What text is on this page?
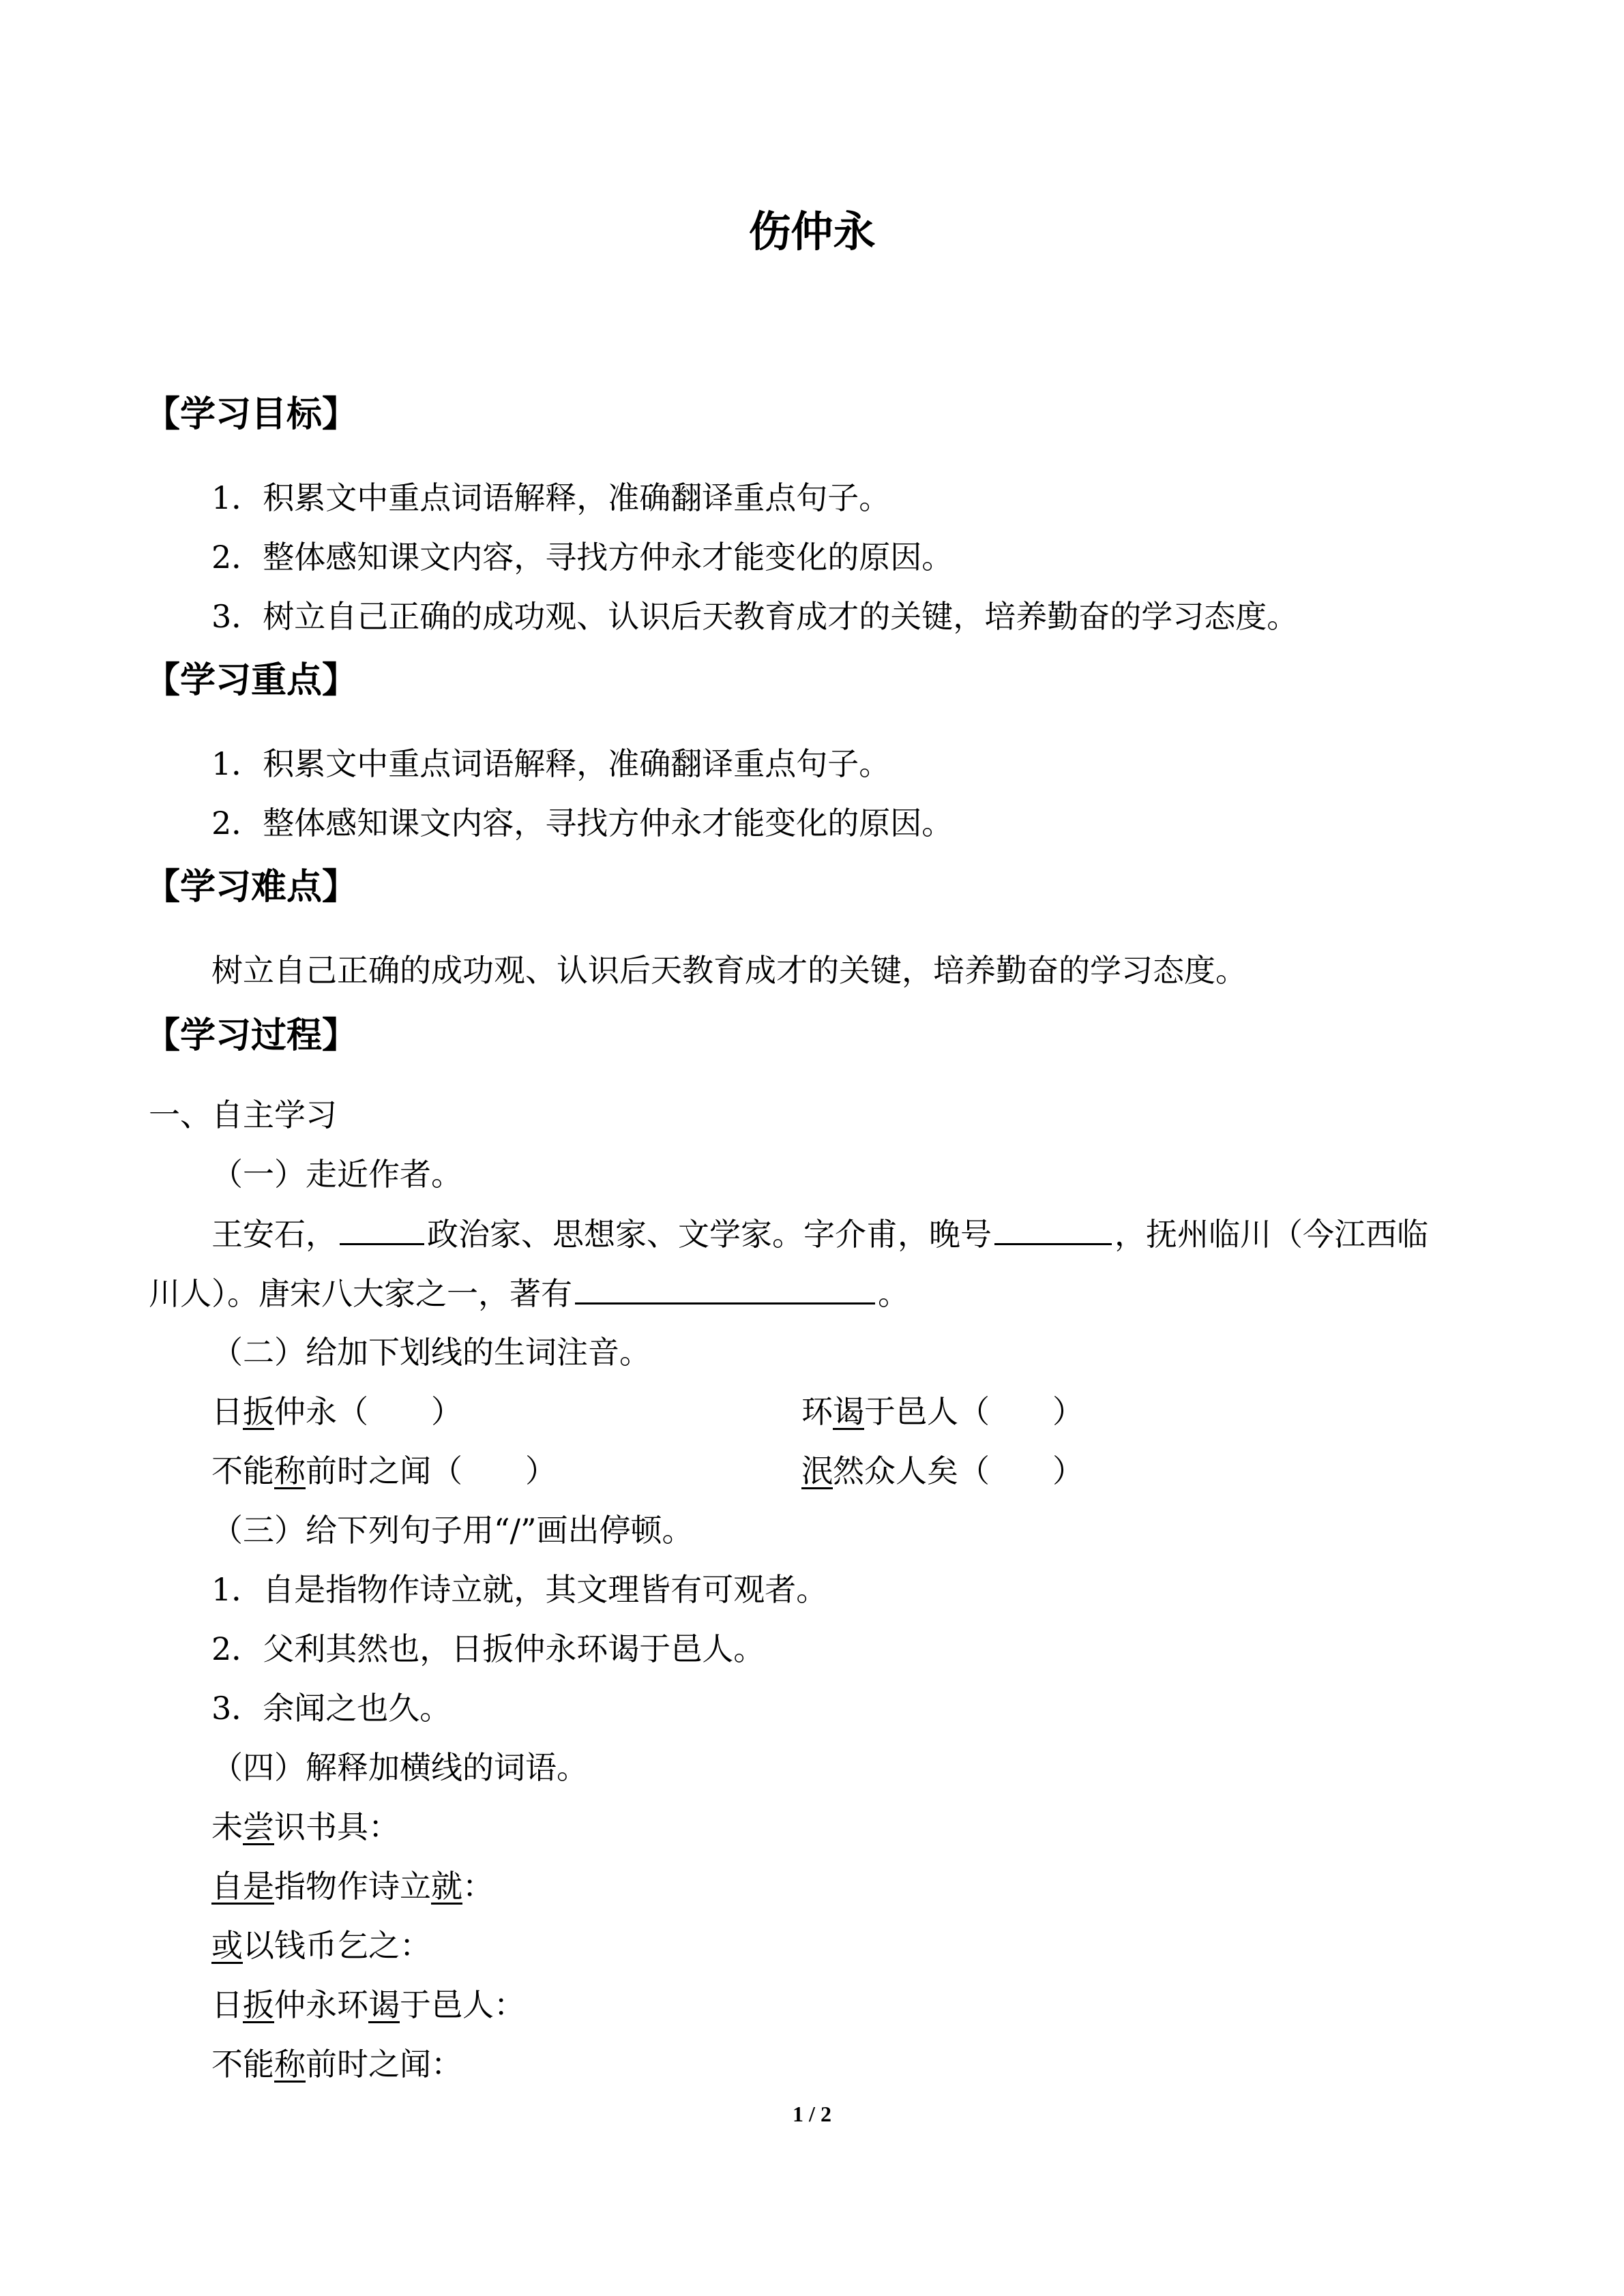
伤仲永
【学习目标】
1．积累文中重点词语解释，准确翻译重点句子。
2．整体感知课文内容，寻找方仲永才能变化的原因。
3．树立自己正确的成功观、认识后天教育成才的关键，培养勤奋的学习态度。
【学习重点】
1．积累文中重点词语解释，准确翻译重点句子。
2．整体感知课文内容，寻找方仲永才能变化的原因。
【学习难点】
树立自己正确的成功观、认识后天教育成才的关键，培养勤奋的学习态度。
【学习过程】
一、自主学习
（一）走近作者。
王安石，	政治家、思想家、文学家。字介甫，晚号	，抚州临川（今江西临
川人）。唐宋八大家之一，著有	。
（二）给加下划线的生词注音。
日扳仲永（　　）	环谒于邑人（　　）
不能称前时之闻（　　）	泯然众人矣（　　）
（三）给下列句子用“/”画出停顿。
1．自是指物作诗立就，其文理皆有可观者。
2．父利其然也，日扳仲永环谒于邑人。
3．余闻之也久。
（四）解释加横线的词语。
未尝识书具：
自是指物作诗立就：
或以钱币乞之：
日扳仲永环谒于邑人：
不能称前时之闻：
1 / 2
